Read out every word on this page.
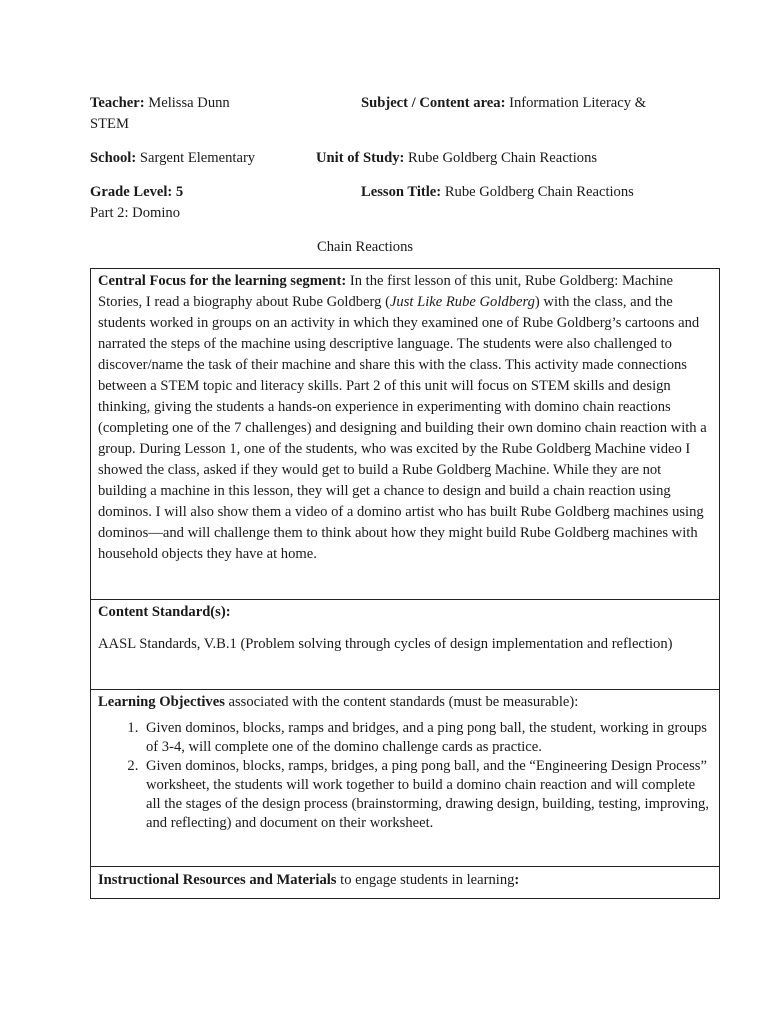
Teacher: Melissa Dunn	Subject / Content area: Information Literacy &
STEM
School: Sargent Elementary	Unit of Study: Rube Goldberg Chain Reactions
Grade Level: 5	Lesson Title: Rube Goldberg Chain Reactions
Part 2: Domino
Chain Reactions

Central Focus for the learning segment: In the first lesson of this unit, Rube Goldberg: Machine Stories, I read a biography about Rube Goldberg (Just Like Rube Goldberg) with the class, and the students worked in groups on an activity in which they examined one of Rube Goldberg’s cartoons and narrated the steps of the machine using descriptive language. The students were also challenged to discover/name the task of their machine and share this with the class. This activity made connections between a STEM topic and literacy skills. Part 2 of this unit will focus on STEM skills and design thinking, giving the students a hands-on experience in experimenting with domino chain reactions (completing one of the 7 challenges) and designing and building their own domino chain reaction with a group. During Lesson 1, one of the students, who was excited by the Rube Goldberg Machine video I showed the class, asked if they would get to build a Rube Goldberg Machine. While they are not building a machine in this lesson, they will get a chance to design and build a chain reaction using dominos. I will also show them a video of a domino artist who has built Rube Goldberg machines using dominos—and will challenge them to think about how they might build Rube Goldberg machines with household objects they have at home.

Content Standard(s):

AASL Standards, V.B.1 (Problem solving through cycles of design implementation and reflection)

Learning Objectives associated with the content standards (must be measurable):

1. Given dominos, blocks, ramps and bridges, and a ping pong ball, the student, working in groups of 3-4, will complete one of the domino challenge cards as practice.
2. Given dominos, blocks, ramps, bridges, a ping pong ball, and the “Engineering Design Process” worksheet, the students will work together to build a domino chain reaction and will complete all the stages of the design process (brainstorming, drawing design, building, testing, improving, and reflecting) and document on their worksheet.

Instructional Resources and Materials to engage students in learning:
